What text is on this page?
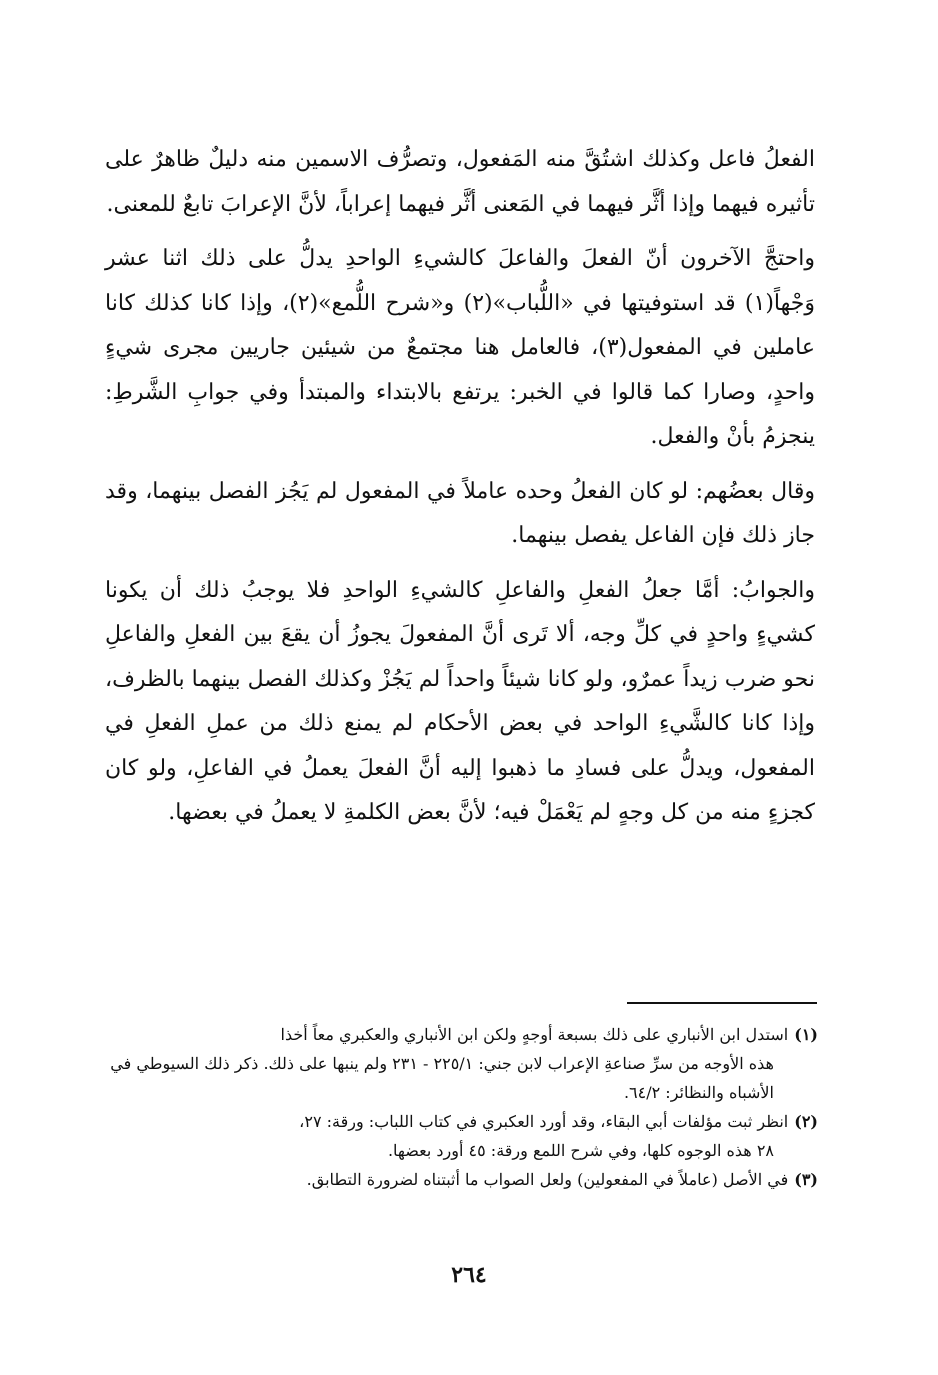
الفعلُ فاعل وكذلك اشتُقَّ منه المَفعول، وتصرُّف الاسمين منه دليلٌ ظاهرٌ على تأثيره فيهما وإذا أثَّر فيهما في المَعنى أثَّر فيهما إعراباً، لأنَّ الإعرابَ تابعٌ للمعنى.

واحتجَّ الآخرون أنّ الفعلَ والفاعلَ كالشيءِ الواحدِ يدلُّ على ذلك اثنا عشر وَجْهاً(١) قد استوفيتها في «اللُّباب»(٢) و«شرح اللُّمع»(٢)، وإذا كانا كذلك كانا عاملين في المفعول(٣)، فالعامل هنا مجتمعٌ من شيئين جاريين مجرى شيءٍ واحدٍ، وصارا كما قالوا في الخبر: يرتفع بالابتداء والمبتدأ وفي جوابِ الشَّرطِ: ينجزمُ بأنْ والفعل.

وقال بعضُهم: لو كان الفعلُ وحده عاملاً في المفعول لم يَجُز الفصل بينهما، وقد جاز ذلك فإن الفاعل يفصل بينهما.

والجوابُ: أمَّا جعلُ الفعلِ والفاعلِ كالشيءِ الواحدِ فلا يوجبُ ذلك أن يكونا كشيءٍ واحدٍ في كلِّ وجه، ألا تَرى أنَّ المفعولَ يجوزُ أن يقعَ بين الفعلِ والفاعلِ نحو ضرب زيداً عمرٌو، ولو كانا شيئاً واحداً لم يَجُزْ وكذلك الفصل بينهما بالظرف، وإذا كانا كالشَّيءِ الواحد في بعض الأحكام لم يمنع ذلك من عملِ الفعلِ في المفعول، ويدلُّ على فسادِ ما ذهبوا إليه أنَّ الفعلَ يعملُ في الفاعلِ، ولو كان كجزءٍ منه من كل وجهٍ لم يَعْمَلْ فيه؛ لأنَّ بعض الكلمةِ لا يعملُ في بعضها.

(١)استدل ابن الأنباري على ذلك بسبعة أوجهٍ ولكن ابن الأنباري والعكبري معاً أخذا

هذه الأوجه من سرِّ صناعةِ الإعراب لابن جني: ٢٢٥/١ - ٢٣١ ولم ينبها على ذلك. ذكر ذلك السيوطي في الأشباه والنظائر: ٦٤/٢.

(٢)انظر ثبت مؤلفات أبي البقاء، وقد أورد العكبري في كتاب اللباب: ورقة: ٢٧،

٢٨ هذه الوجوه كلها، وفي شرح اللمع ورقة: ٤٥ أورد بعضها.

(٣)في الأصل (عاملاً في المفعولين) ولعل الصواب ما أثبتناه لضرورة التطابق.

٢٦٤
